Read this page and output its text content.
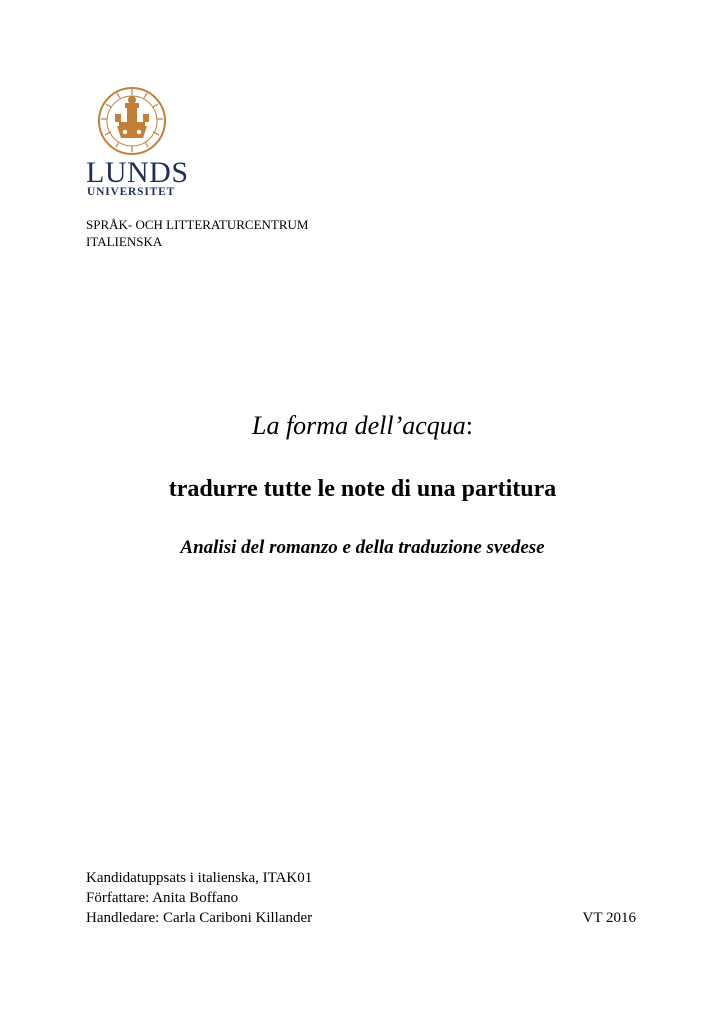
LUNDS
UNIVERSITET
SPRÅK- OCH LITTERATURCENTRUM
ITALIENSKA
La forma dell’acqua:
tradurre tutte le note di una partitura
Analisi del romanzo e della traduzione svedese
Kandidatuppsats i italienska, ITAK01
Författare: Anita Boffano
Handledare: Carla Cariboni Killander	VT 2016
